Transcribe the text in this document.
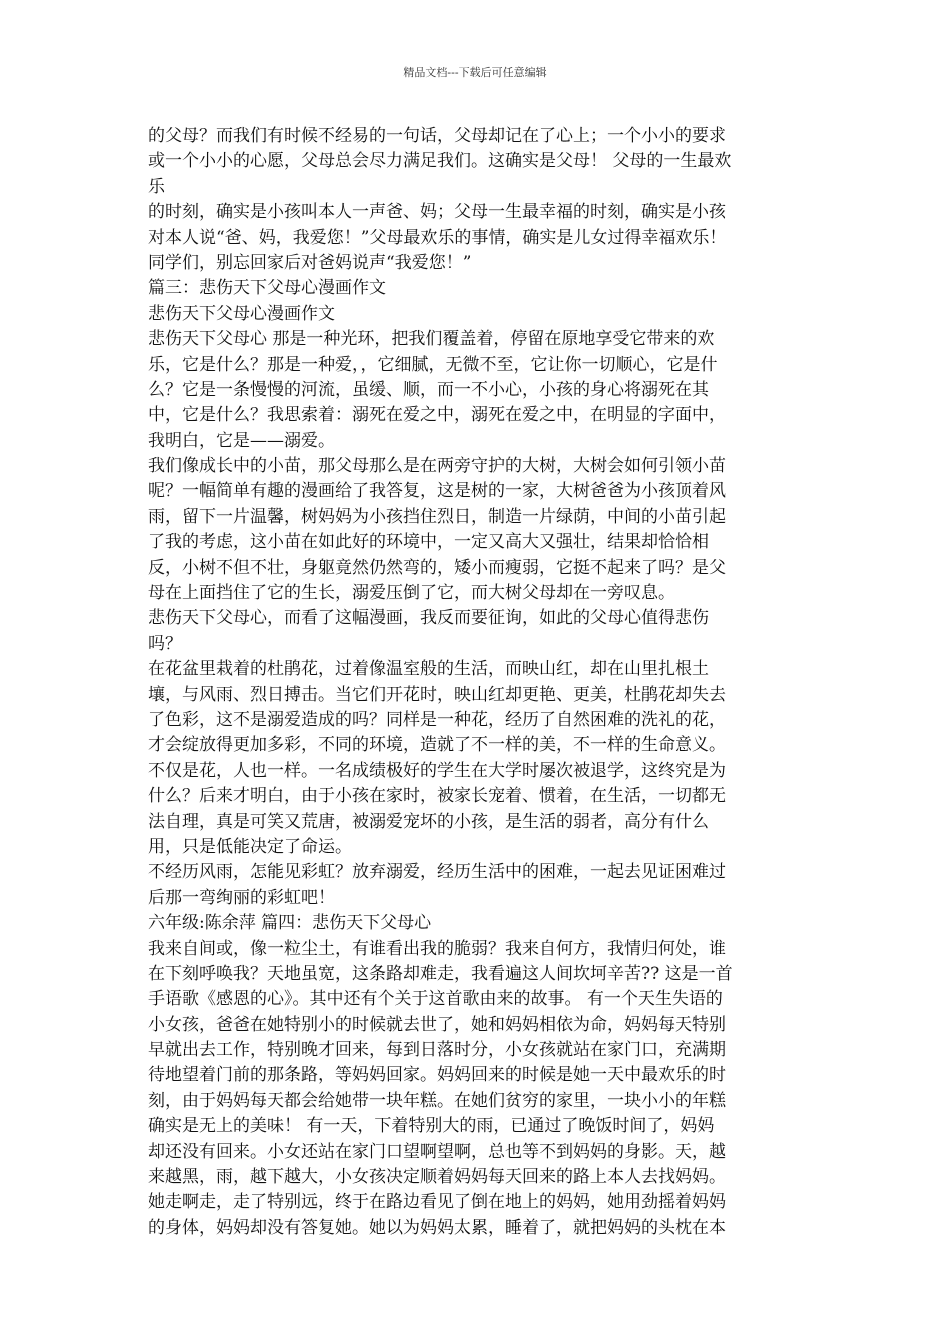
精品文档---下载后可任意编辑
的父母？而我们有时候不经易的一句话，父母却记在了心上；一个小小的要求
或一个小小的心愿，父母总会尽力满足我们。这确实是父母！ 父母的一生最欢
乐
的时刻，确实是小孩叫本人一声爸、妈；父母一生最幸福的时刻，确实是小孩
对本人说“爸、妈，我爱您！”父母最欢乐的事情，确实是儿女过得幸福欢乐！
同学们，别忘回家后对爸妈说声“我爱您！”
篇三：悲伤天下父母心漫画作文
悲伤天下父母心漫画作文
悲伤天下父母心 那是一种光环，把我们覆盖着，停留在原地享受它带来的欢
乐，它是什么？那是一种爱，，它细腻，无微不至，它让你一切顺心，它是什
么？它是一条慢慢的河流，虽缓、顺，而一不小心，小孩的身心将溺死在其
中，它是什么？我思索着：溺死在爱之中，溺死在爱之中，在明显的字面中，
我明白，它是——溺爱。
我们像成长中的小苗，那父母那么是在两旁守护的大树，大树会如何引领小苗
呢？一幅简单有趣的漫画给了我答复，这是树的一家，大树爸爸为小孩顶着风
雨，留下一片温馨，树妈妈为小孩挡住烈日，制造一片绿荫，中间的小苗引起
了我的考虑，这小苗在如此好的环境中，一定又高大又强壮，结果却恰恰相
反，小树不但不壮，身躯竟然仍然弯的，矮小而瘦弱，它挺不起来了吗？是父
母在上面挡住了它的生长，溺爱压倒了它，而大树父母却在一旁叹息。
悲伤天下父母心，而看了这幅漫画，我反而要征询，如此的父母心值得悲伤
吗？
在花盆里栽着的杜鹃花，过着像温室般的生活，而映山红，却在山里扎根土
壤，与风雨、烈日搏击。当它们开花时，映山红却更艳、更美，杜鹃花却失去
了色彩，这不是溺爱造成的吗？同样是一种花，经历了自然困难的洗礼的花，
才会绽放得更加多彩，不同的环境，造就了不一样的美，不一样的生命意义。
不仅是花，人也一样。一名成绩极好的学生在大学时屡次被退学，这终究是为
什么？后来才明白，由于小孩在家时，被家长宠着、惯着，在生活，一切都无
法自理，真是可笑又荒唐，被溺爱宠坏的小孩，是生活的弱者，高分有什么
用，只是低能决定了命运。
不经历风雨，怎能见彩虹？放弃溺爱，经历生活中的困难，一起去见证困难过
后那一弯绚丽的彩虹吧！
六年级:陈余萍 篇四：悲伤天下父母心
我来自间或，像一粒尘土，有谁看出我的脆弱？我来自何方，我情归何处，谁
在下刻呼唤我？天地虽宽，这条路却难走，我看遍这人间坎坷辛苦?? 这是一首
手语歌《感恩的心》。其中还有个关于这首歌由来的故事。 有一个天生失语的
小女孩，爸爸在她特别小的时候就去世了，她和妈妈相依为命，妈妈每天特别
早就出去工作，特别晚才回来，每到日落时分，小女孩就站在家门口，充满期
待地望着门前的那条路，等妈妈回家。妈妈回来的时候是她一天中最欢乐的时
刻，由于妈妈每天都会给她带一块年糕。在她们贫穷的家里，一块小小的年糕
确实是无上的美味！ 有一天，下着特别大的雨，已通过了晚饭时间了，妈妈
却还没有回来。小女还站在家门口望啊望啊，总也等不到妈妈的身影。天，越
来越黑，雨，越下越大，小女孩决定顺着妈妈每天回来的路上本人去找妈妈。
她走啊走，走了特别远，终于在路边看见了倒在地上的妈妈，她用劲摇着妈妈
的身体，妈妈却没有答复她。她以为妈妈太累，睡着了，就把妈妈的头枕在本
